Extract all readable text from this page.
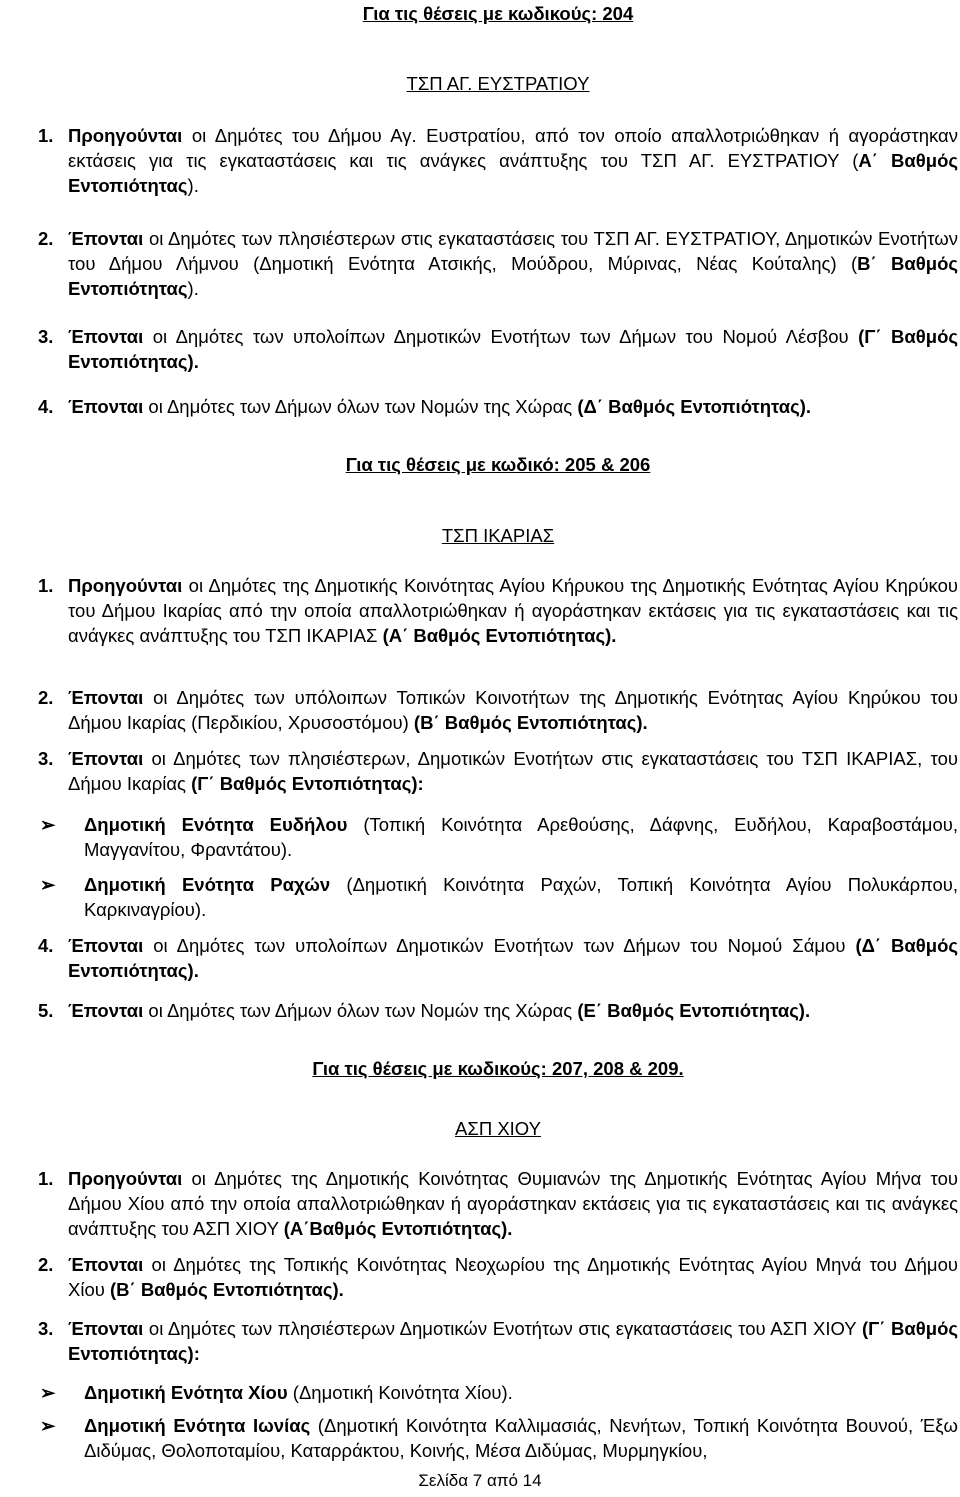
Για τις θέσεις με κωδικούς: 204

ΤΣΠ ΑΓ. ΕΥΣΤΡΑΤΙΟΥ

1. Προηγούνται οι Δημότες του Δήμου Αγ. Ευστρατίου, από τον οποίο απαλλοτριώθηκαν ή αγοράστηκαν εκτάσεις για τις εγκαταστάσεις και τις ανάγκες ανάπτυξης του ΤΣΠ ΑΓ. ΕΥΣΤΡΑΤΙΟΥ (Α΄ Βαθμός Εντοπιότητας).

2. Έπονται οι Δημότες των πλησιέστερων στις εγκαταστάσεις του ΤΣΠ ΑΓ. ΕΥΣΤΡΑΤΙΟΥ, Δημοτικών Ενοτήτων του Δήμου Λήμνου (Δημοτική Ενότητα Ατσικής, Μούδρου, Μύρινας, Νέας Κούταλης) (Β΄ Βαθμός Εντοπιότητας).

3. Έπονται οι Δημότες των υπολοίπων Δημοτικών Ενοτήτων των Δήμων του Νομού Λέσβου (Γ΄ Βαθμός Εντοπιότητας).

4. Έπονται οι Δημότες των Δήμων όλων των Νομών της Χώρας (Δ΄ Βαθμός Εντοπιότητας).

Για τις θέσεις με κωδικό: 205 & 206

ΤΣΠ ΙΚΑΡΙΑΣ

1. Προηγούνται οι Δημότες της Δημοτικής Κοινότητας Αγίου Κήρυκου της Δημοτικής Ενότητας Αγίου Κηρύκου του Δήμου Ικαρίας από την οποία απαλλοτριώθηκαν ή αγοράστηκαν εκτάσεις για τις εγκαταστάσεις και τις ανάγκες ανάπτυξης του ΤΣΠ ΙΚΑΡΙΑΣ (Α΄ Βαθμός Εντοπιότητας).

2. Έπονται οι Δημότες των υπόλοιπων Τοπικών Κοινοτήτων της Δημοτικής Ενότητας Αγίου Κηρύκου του Δήμου Ικαρίας (Περδικίου, Χρυσοστόμου) (Β΄ Βαθμός Εντοπιότητας).

3. Έπονται οι Δημότες των πλησιέστερων, Δημοτικών Ενοτήτων στις εγκαταστάσεις του ΤΣΠ ΙΚΑΡΙΑΣ, του Δήμου Ικαρίας (Γ΄ Βαθμός Εντοπιότητας):

➢ Δημοτική Ενότητα Ευδήλου (Τοπική Κοινότητα Αρεθούσης, Δάφνης, Ευδήλου, Καραβοστάμου, Μαγγανίτου, Φραντάτου).

➢ Δημοτική Ενότητα Ραχών (Δημοτική Κοινότητα Ραχών, Τοπική Κοινότητα Αγίου Πολυκάρπου, Καρκιναγρίου).

4. Έπονται οι Δημότες των υπολοίπων Δημοτικών Ενοτήτων των Δήμων του Νομού Σάμου (Δ΄ Βαθμός Εντοπιότητας).

5. Έπονται οι Δημότες των Δήμων όλων των Νομών της Χώρας (Ε΄ Βαθμός Εντοπιότητας).

Για τις θέσεις με κωδικούς: 207, 208 & 209.

ΑΣΠ ΧΙΟΥ

1. Προηγούνται οι Δημότες της Δημοτικής Κοινότητας Θυμιανών της Δημοτικής Ενότητας Αγίου Μήνα του Δήμου Χίου από την οποία απαλλοτριώθηκαν ή αγοράστηκαν εκτάσεις για τις εγκαταστάσεις και τις ανάγκες ανάπτυξης του ΑΣΠ ΧΙΟΥ (Α΄Βαθμός Εντοπιότητας).

2. Έπονται οι Δημότες της Τοπικής Κοινότητας Νεοχωρίου της Δημοτικής Ενότητας Αγίου Μηνά του Δήμου Χίου (Β΄ Βαθμός Εντοπιότητας).

3. Έπονται οι Δημότες των πλησιέστερων Δημοτικών Ενοτήτων στις εγκαταστάσεις του ΑΣΠ ΧΙΟΥ (Γ΄ Βαθμός Εντοπιότητας):

➢ Δημοτική Ενότητα Χίου (Δημοτική Κοινότητα Χίου).

➢ Δημοτική Ενότητα Ιωνίας (Δημοτική Κοινότητα Καλλιμασιάς, Νενήτων, Τοπική Κοινότητα Βουνού, Έξω Διδύμας, Θολοποταμίου, Καταρράκτου, Κοινής, Μέσα Διδύμας, Μυρμηγκίου,

Σελίδα 7 από 14
